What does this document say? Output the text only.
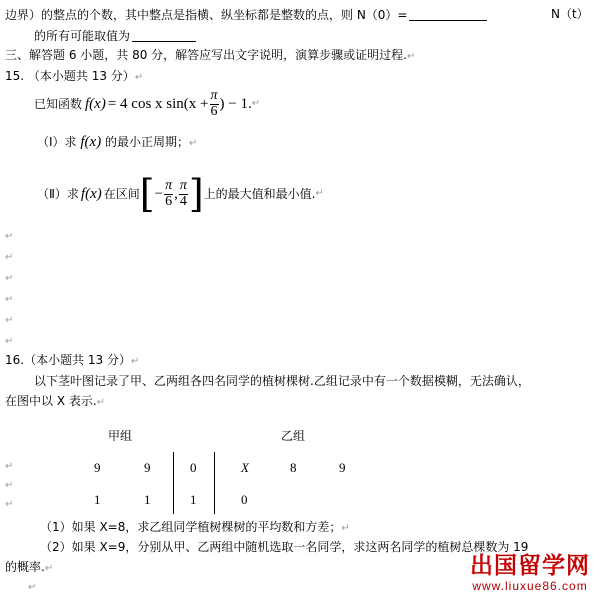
边界）的整点的个数，其中整点是指横、纵坐标都是整数的点，则 N（0）=	N（t）
的所有可能取值为
三、解答题 6 小题，共 80 分，解答应写出文字说明，演算步骤或证明过程.↵
15. （本小题共 13 分）↵
已知函数 f(x) = 4 cos x $\sin(x + \frac{\pi}{6}$ ) − 1. ↵
（Ⅰ）求 f(x) 的最小正周期；↵
（Ⅱ）求 f(x) 在区间 [ − $\frac{\pi}{6}$ , $\frac{\pi}{4}$ ] 上的最大值和最小值. ↵
↵
↵
↵
↵
↵
↵
16.（本小题共 13 分）↵
以下茎叶图记录了甲、乙两组各四名同学的植树棵树.乙组记录中有一个数据模糊，无法确认，
在图中以 X 表示.↵
甲组	乙组
9	9	0	X	8	9
1	1	1	0
↵
↵
↵
（1）如果 X=8，求乙组同学植树棵树的平均数和方差；↵
（2）如果 X=9，分别从甲、乙两组中随机选取一名同学，求这两名同学的植树总棵数为 19
的概率.↵
↵
出国留学网
www.liuxue86.com
